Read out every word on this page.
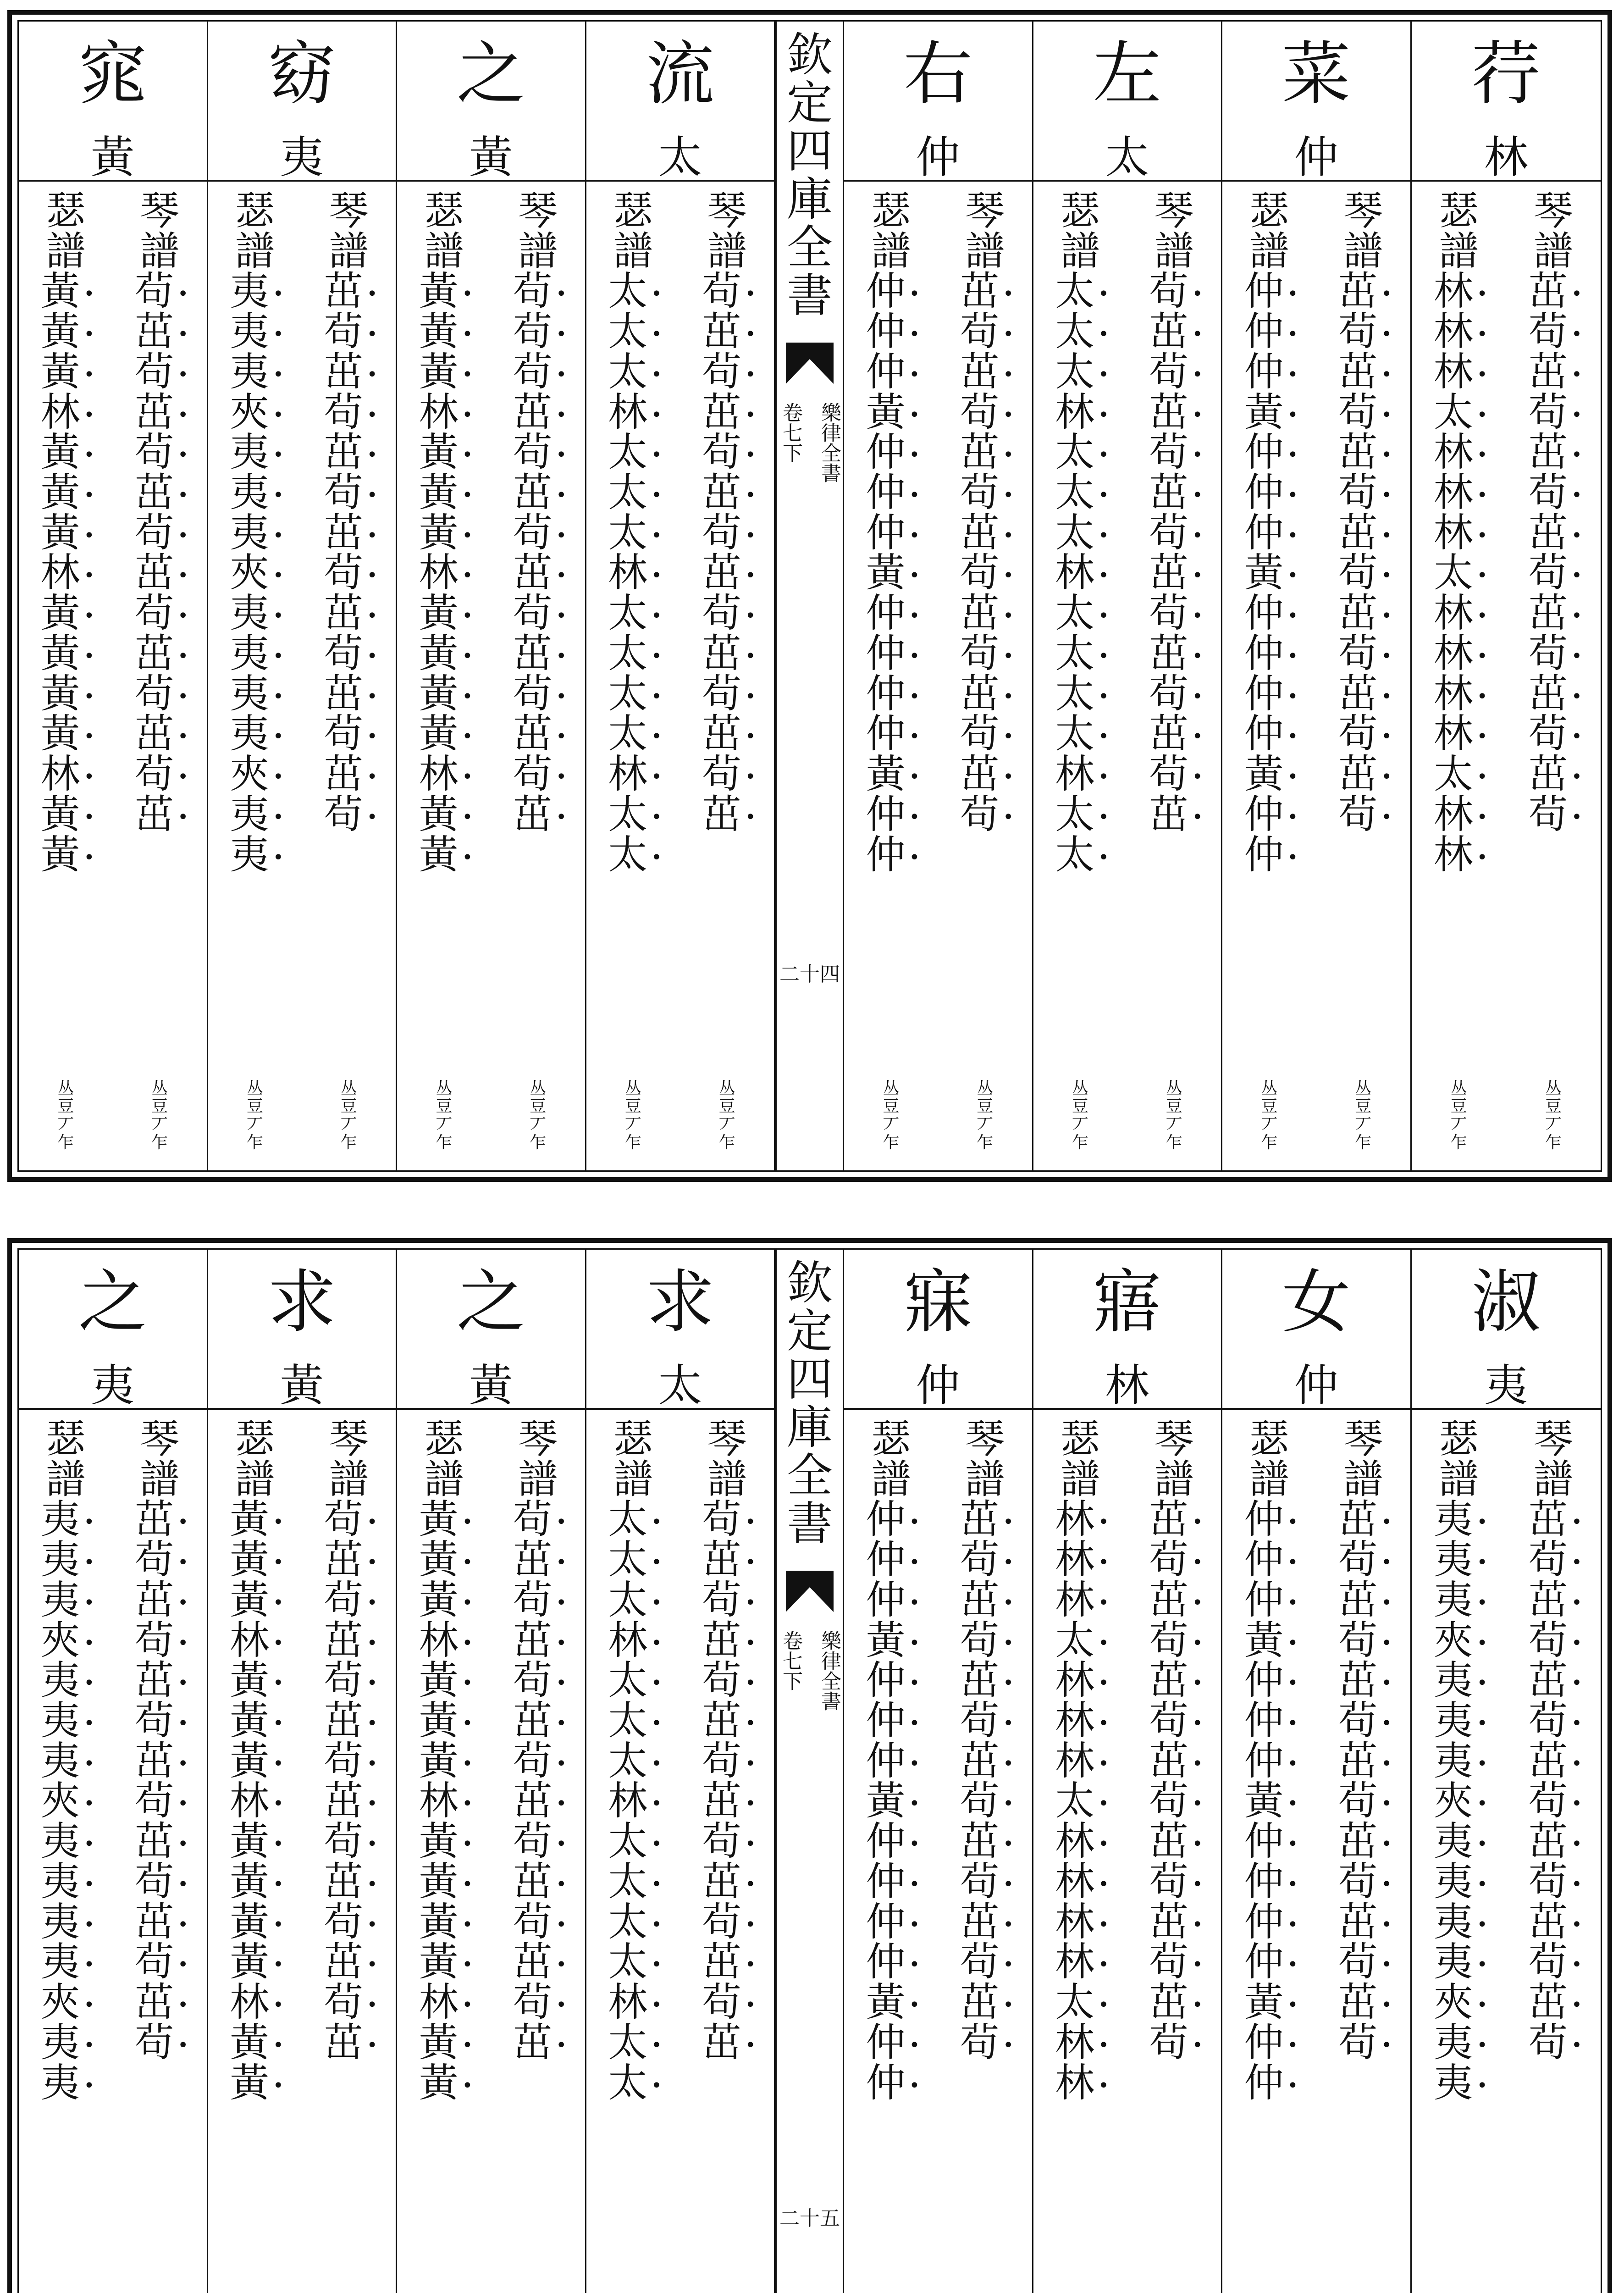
窕
黃
琴
譜
茍 •
茁 •
茍 •
茁 •
茍 •
茁 •
茍 •
茁 •
茍 •
茁 •
茍 •
茁 •
茍 •
茁 •
瑟
譜
黃 •
黃 •
黃 •
林 •
黃 •
黃 •
黃 •
林 •
黃 •
黃 •
黃 •
黃 •
林 •
黃 •
黃 •
丛
豆
丆
乍
丛
豆
丆
乍
窈
夷
琴
譜
茁 •
茍 •
茁 •
茍 •
茁 •
茍 •
茁 •
茍 •
茁 •
茍 •
茁 •
茍 •
茁 •
茍 •
瑟
譜
夷 •
夷 •
夷 •
夾 •
夷 •
夷 •
夷 •
夾 •
夷 •
夷 •
夷 •
夷 •
夾 •
夷 •
夷 •
丛
豆
丆
乍
丛
豆
丆
乍
之
黃
琴
譜
茍 •
茍 •
茍 •
茁 •
茍 •
茁 •
茍 •
茁 •
茍 •
茁 •
茍 •
茁 •
茍 •
茁 •
瑟
譜
黃 •
黃 •
黃 •
林 •
黃 •
黃 •
黃 •
林 •
黃 •
黃 •
黃 •
黃 •
林 •
黃 •
黃 •
丛
豆
丆
乍
丛
豆
丆
乍
流
太
琴
譜
茍 •
茁 •
茍 •
茁 •
茍 •
茁 •
茍 •
茁 •
茍 •
茁 •
茍 •
茁 •
茍 •
茁 •
瑟
譜
太 •
太 •
太 •
林 •
太 •
太 •
太 •
林 •
太 •
太 •
太 •
太 •
林 •
太 •
太 •
丛
豆
丆
乍
丛
豆
丆
乍
欽
定
四
庫
全
書
樂律全書
卷七下
二十四
右
仲
琴
譜
茁 •
茍 •
茁 •
茍 •
茁 •
茍 •
茁 •
茍 •
茁 •
茍 •
茁 •
茍 •
茁 •
茍 •
瑟
譜
仲 •
仲 •
仲 •
黃 •
仲 •
仲 •
仲 •
黃 •
仲 •
仲 •
仲 •
仲 •
黃 •
仲 •
仲 •
丛
豆
丆
乍
丛
豆
丆
乍
左
太
琴
譜
茍 •
茁 •
茍 •
茁 •
茍 •
茁 •
茍 •
茁 •
茍 •
茁 •
茍 •
茁 •
茍 •
茁 •
瑟
譜
太 •
太 •
太 •
林 •
太 •
太 •
太 •
林 •
太 •
太 •
太 •
太 •
林 •
太 •
太 •
丛
豆
丆
乍
丛
豆
丆
乍
菜
仲
琴
譜
茁 •
茍 •
茁 •
茍 •
茁 •
茍 •
茁 •
茍 •
茁 •
茍 •
茁 •
茍 •
茁 •
茍 •
瑟
譜
仲 •
仲 •
仲 •
黃 •
仲 •
仲 •
仲 •
黃 •
仲 •
仲 •
仲 •
仲 •
黃 •
仲 •
仲 •
丛
豆
丆
乍
丛
豆
丆
乍
荇
林
琴
譜
茁 •
茍 •
茁 •
茍 •
茁 •
茍 •
茁 •
茍 •
茁 •
茍 •
茁 •
茍 •
茁 •
茍 •
瑟
譜
林 •
林 •
林 •
太 •
林 •
林 •
林 •
太 •
林 •
林 •
林 •
林 •
太 •
林 •
林 •
丛
豆
丆
乍
丛
豆
丆
乍
之
夷
琴
譜
茁 •
茍 •
茁 •
茍 •
茁 •
茍 •
茁 •
茍 •
茁 •
茍 •
茁 •
茍 •
茁 •
茍 •
瑟
譜
夷 •
夷 •
夷 •
夾 •
夷 •
夷 •
夷 •
夾 •
夷 •
夷 •
夷 •
夷 •
夾 •
夷 •
夷 •
求
黃
琴
譜
茍 •
茁 •
茍 •
茁 •
茍 •
茁 •
茍 •
茁 •
茍 •
茁 •
茍 •
茁 •
茍 •
茁 •
瑟
譜
黃 •
黃 •
黃 •
林 •
黃 •
黃 •
黃 •
林 •
黃 •
黃 •
黃 •
黃 •
林 •
黃 •
黃 •
之
黃
琴
譜
茍 •
茁 •
茍 •
茁 •
茍 •
茁 •
茍 •
茁 •
茍 •
茁 •
茍 •
茁 •
茍 •
茁 •
瑟
譜
黃 •
黃 •
黃 •
林 •
黃 •
黃 •
黃 •
林 •
黃 •
黃 •
黃 •
黃 •
林 •
黃 •
黃 •
求
太
琴
譜
茍 •
茁 •
茍 •
茁 •
茍 •
茁 •
茍 •
茁 •
茍 •
茁 •
茍 •
茁 •
茍 •
茁 •
瑟
譜
太 •
太 •
太 •
林 •
太 •
太 •
太 •
林 •
太 •
太 •
太 •
太 •
林 •
太 •
太 •
欽
定
四
庫
全
書
樂律全書
卷七下
二十五
寐
仲
琴
譜
茁 •
茍 •
茁 •
茍 •
茁 •
茍 •
茁 •
茍 •
茁 •
茍 •
茁 •
茍 •
茁 •
茍 •
瑟
譜
仲 •
仲 •
仲 •
黃 •
仲 •
仲 •
仲 •
黃 •
仲 •
仲 •
仲 •
仲 •
黃 •
仲 •
仲 •
寤
林
琴
譜
茁 •
茍 •
茁 •
茍 •
茁 •
茍 •
茁 •
茍 •
茁 •
茍 •
茁 •
茍 •
茁 •
茍 •
瑟
譜
林 •
林 •
林 •
太 •
林 •
林 •
林 •
太 •
林 •
林 •
林 •
林 •
太 •
林 •
林 •
女
仲
琴
譜
茁 •
茍 •
茁 •
茍 •
茁 •
茍 •
茁 •
茍 •
茁 •
茍 •
茁 •
茍 •
茁 •
茍 •
瑟
譜
仲 •
仲 •
仲 •
黃 •
仲 •
仲 •
仲 •
黃 •
仲 •
仲 •
仲 •
仲 •
黃 •
仲 •
仲 •
淑
夷
琴
譜
茁 •
茍 •
茁 •
茍 •
茁 •
茍 •
茁 •
茍 •
茁 •
茍 •
茁 •
茍 •
茁 •
茍 •
瑟
譜
夷 •
夷 •
夷 •
夾 •
夷 •
夷 •
夷 •
夾 •
夷 •
夷 •
夷 •
夷 •
夾 •
夷 •
夷 •
